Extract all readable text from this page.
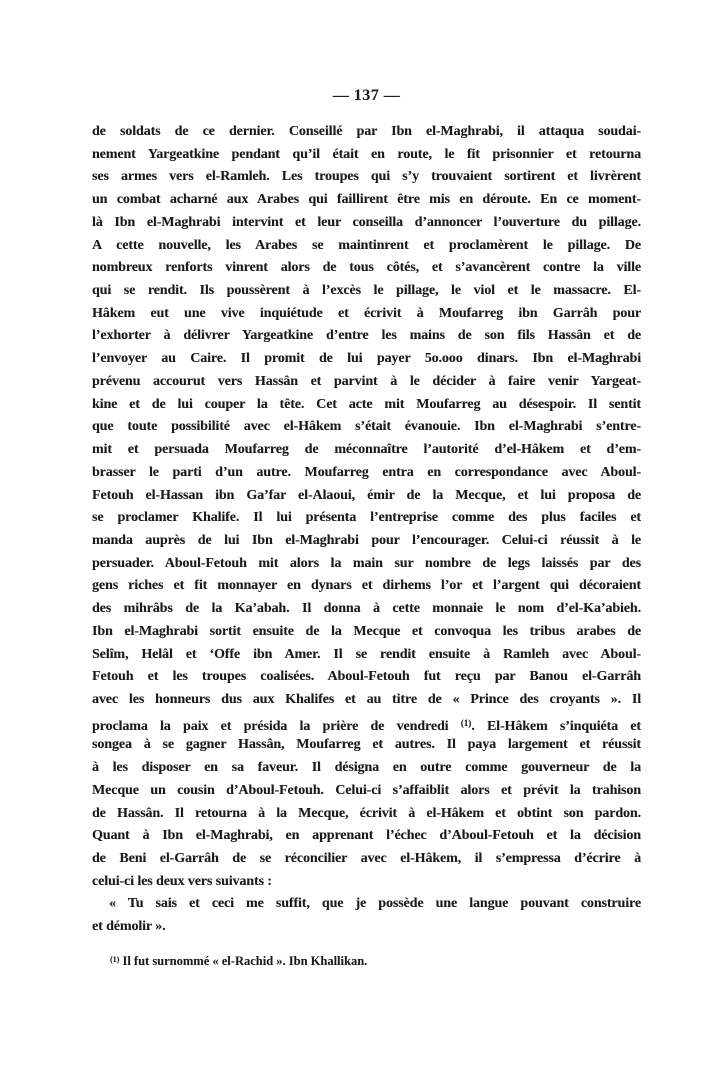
— 137 —
de soldats de ce dernier. Conseillé par Ibn el-Maghrabi, il attaqua soudai-
nement Yargeatkine pendant qu’il était en route, le fit prisonnier et retourna
ses armes vers el-Ramleh. Les troupes qui s’y trouvaient sortirent et livrèrent
un combat acharné aux Arabes qui faillirent être mis en déroute. En ce moment-
là Ibn el-Maghrabi intervint et leur conseilla d’annoncer l’ouverture du pillage.
A cette nouvelle, les Arabes se maintinrent et proclamèrent le pillage. De
nombreux renforts vinrent alors de tous côtés, et s’avancèrent contre la ville
qui se rendit. Ils poussèrent à l’excès le pillage, le viol et le massacre. El-
Hâkem eut une vive inquiétude et écrivit à Moufarreg ibn Garrâh pour
l’exhorter à délivrer Yargeatkine d’entre les mains de son fils Hassân et de
l’envoyer au Caire. Il promit de lui payer 5o.ooo dinars. Ibn el-Maghrabi
prévenu accourut vers Hassân et parvint à le décider à faire venir Yargeat-
kine et de lui couper la tête. Cet acte mit Moufarreg au désespoir. Il sentit
que toute possibilité avec el-Hâkem s’était évanouie. Ibn el-Maghrabi s’entre-
mit et persuada Moufarreg de méconnaître l’autorité d’el-Hâkem et d’em-
brasser le parti d’un autre. Moufarreg entra en correspondance avec Aboul-
Fetouh el-Hassan ibn Ga’far el-Alaoui, émir de la Mecque, et lui proposa de
se proclamer Khalife. Il lui présenta l’entreprise comme des plus faciles et
manda auprès de lui Ibn el-Maghrabi pour l’encourager. Celui-ci réussit à le
persuader. Aboul-Fetouh mit alors la main sur nombre de legs laissés par des
gens riches et fit monnayer en dynars et dirhems l’or et l’argent qui décoraient
des mihrâbs de la Ka’abah. Il donna à cette monnaie le nom d’el-Ka’abieh.
Ibn el-Maghrabi sortit ensuite de la Mecque et convoqua les tribus arabes de
Selîm, Helâl et ‘Offe ibn Amer. Il se rendit ensuite à Ramleh avec Aboul-
Fetouh et les troupes coalisées. Aboul-Fetouh fut reçu par Banou el-Garrâh
avec les honneurs dus aux Khalifes et au titre de « Prince des croyants ». Il
proclama la paix et présida la prière de vendredi $^{(1)}$. El-Hâkem s’inquiéta et
songea à se gagner Hassân, Moufarreg et autres. Il paya largement et réussit
à les disposer en sa faveur. Il désigna en outre comme gouverneur de la
Mecque un cousin d’Aboul-Fetouh. Celui-ci s’affaiblit alors et prévit la trahison
de Hassân. Il retourna à la Mecque, écrivit à el-Hâkem et obtint son pardon.
Quant à Ibn el-Maghrabi, en apprenant l’échec d’Aboul-Fetouh et la décision
de Beni el-Garrâh de se réconcilier avec el-Hâkem, il s’empressa d’écrire à
celui-ci les deux vers suivants :
« Tu sais et ceci me suffit, que je possède une langue pouvant construire
et démolir ».
$^{(1)}$ Il fut surnommé « el-Rachid ». Ibn Khallikan.
